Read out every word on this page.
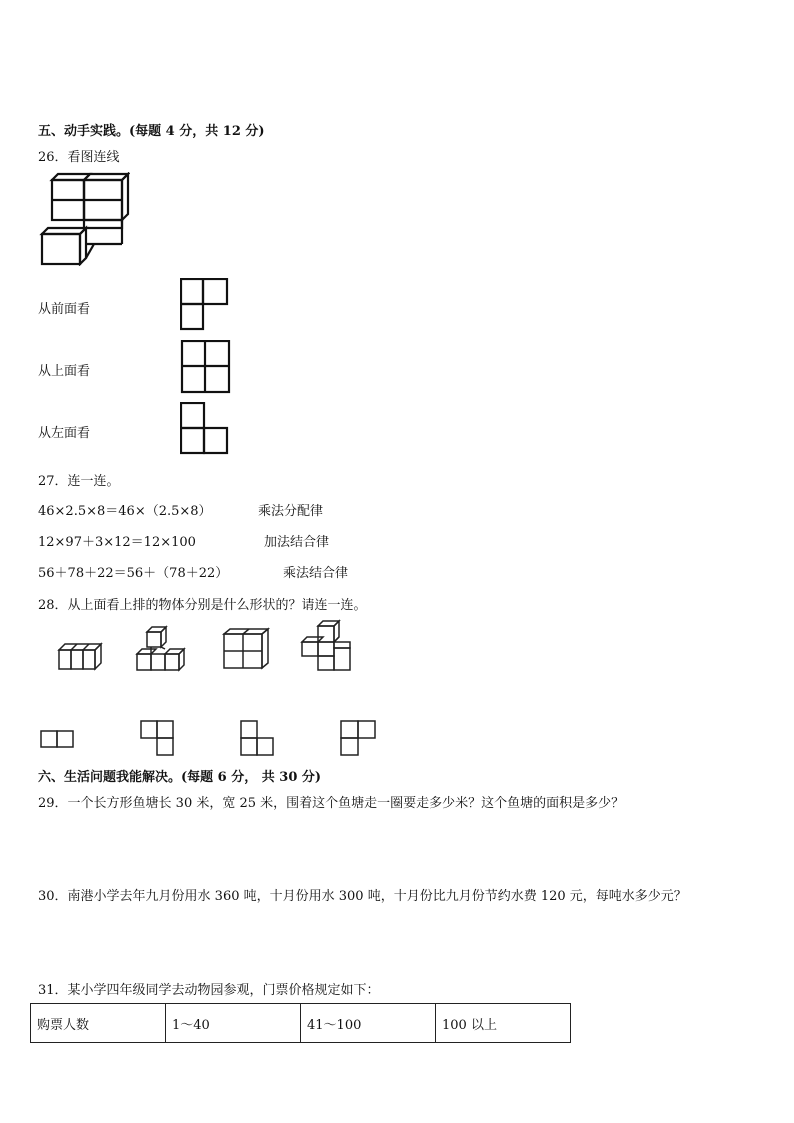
五、动手实践。(每题 4 分，共 12 分)
26．看图连线
从前面看
从上面看
从左面看
27．连一连。
46×2.5×8＝46×（2.5×8）
12×97＋3×12＝12×100
56＋78＋22＝56＋（78＋22）
乘法分配律
加法结合律
乘法结合律
28．从上面看上排的物体分别是什么形状的？请连一连。
六、生活问题我能解决。(每题 6 分， 共 30 分)
29．一个长方形鱼塘长 30 米，宽 25 米，围着这个鱼塘走一圈要走多少米？这个鱼塘的面积是多少？
30．南港小学去年九月份用水 360 吨，十月份用水 300 吨，十月份比九月份节约水费 120 元，每吨水多少元？
31．某小学四年级同学去动物园参观，门票价格规定如下：
购票人数	1～40	41～100	100 以上
